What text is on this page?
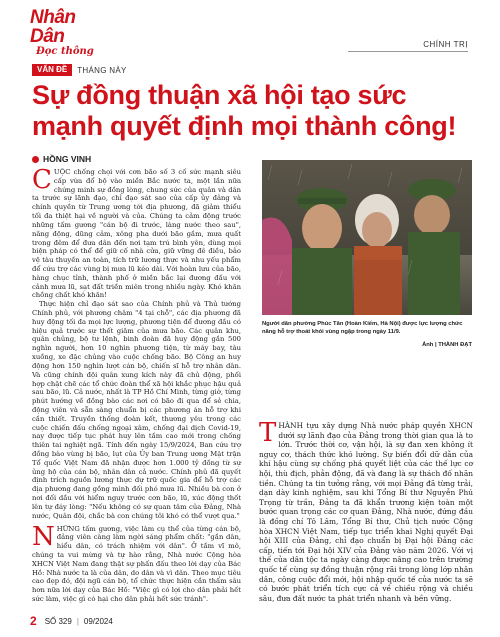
Nhân Dân
Đọc thông
CHÍNH TRỊ
VẤN ĐỀ	THÁNG NÀY
Sự đồng thuận xã hội tạo sức mạnh quyết định mọi thành công!
HỒNG VINH

CUỘC chống chọi với cơn bão số 3 cố sức mạnh siêu cấp vừa đổ bộ vào miền Bắc nước ta, một lần nữa chứng minh sự đồng lòng, chung sức của quân và dân ta trước sự lãnh đạo, chỉ đạo sát sao của cấp ủy đảng và chính quyền từ Trung ương tới địa phương, đã giảm thiểu tối đa thiệt hại về người và của. Chúng ta cảm động trước những tấm gương "cán bộ đi trước, làng nước theo sau", năng động, dũng cảm, xông pha dưới bão gầm, mưa quất trong đêm để đưa dân đến nơi tạm trú bình yên, dùng mọi biện pháp có thể để giữ cố nhà cửa, giữ vững đê điều, bảo vệ tàu thuyền an toàn, tích trữ lương thực và nhu yếu phẩm để cứu trợ các vùng bị mưa lũ kéo dài. Với hoàn lưu của bão, hàng chục tỉnh, thành phố ở miền bắc lại đương đầu với cảnh mưa lũ, sạt đất triền miên trong nhiều ngày. Khó khăn chồng chất khó khăn!

Thực hiện chỉ đạo sát sao của Chính phủ và Thủ tướng Chính phủ, với phương châm "4 tại chỗ", các địa phương đã huy động tối đa mọi lực lượng, phương tiện để đương đầu có hiệu quả trước sự thết giăm của mưa bão. Các quân khu, quân chủng, bộ tư lệnh, binh đoàn đã huy động gần 500 nghìn người, hơn 10 nghìn phương tiện, từ máy bay, tàu xuồng, xe đặc chủng vào cuộc chống bão. Bộ Công an huy động hơn 150 nghìn lượt cán bộ, chiến sĩ hỗ trợ nhân dân. Và cũng chính đội quân xung kích này đã chủ động, phối hợp chặt chẽ các tổ chức đoàn thể xã hội khắc phục hậu quả sau bão, lũ. Cả nước, nhất là TP Hồ Chí Minh, từng giờ, từng phút hướng về đồng bào các nơi có bão đi qua để sẻ chia, động viên và sẵn sàng chuẩn bị các phương án hỗ trợ khi cần thiết. Truyền thống đoàn kết, thương yêu trong các cuộc chiến đấu chống ngoại xâm, chống đại dịch Covid-19, nay được tiếp tục phát huy lên tầm cao mới trong chống thiên tai nghiệt ngã. Tính đến ngày 15/9/2024, Ban cứu trợ đồng bào vùng bị bão, lụt của Ủy ban Trung ương Mặt trận Tổ quốc Việt Nam đã nhận được hơn 1.000 tỷ đồng từ sự ủng hộ của cán bộ, nhân dân cả nước. Chính phủ đã quyết định trích nguồn lương thực dự trữ quốc gia để hỗ trợ các địa phương đang gồng mình đối phó mưa lũ. Nhiều bà con ở nơi đối dầu với hiểm nguy trước cơn bão, lũ, xúc động thốt lên tự đáy lòng: "Nếu không có sự quan tâm của Đảng, Nhà nước, Quân đội, chắc bà con chúng tôi khó có thể vượt qua."

NHỮNG tấm gương, việc làm cụ thể của từng cán bộ, đảng viên càng làm ngời sáng phẩm chất: "gần dân, hiểu dân, có trách nhiệm với dân". Ở tầm vĩ mô, chúng ta vui mừng và tự hào rằng, Nhà nước Cộng hòa XHCN Việt Nam đang thật sự phấn đấu theo lời dạy của Bác Hồ: Nhà nước ta là của dân, do dân và vì dân. Theo mục tiêu cao đẹp đó, đội ngũ cán bộ, tổ chức thực hiện cần thấm sâu hơn nữa lời dạy của Bác Hồ: "Việc gì có lợi cho dân phải hết sức làm, việc gì có hại cho dân phải hết sức tránh".

Người dân phường Phúc Tân (Hoàn Kiếm, Hà Nội) được lực lượng chức năng hỗ trợ thoát khỏi vùng ngập trong ngày 11/9.
Ảnh | THÀNH ĐẠT

THÀNH tựu xây dựng Nhà nước pháp quyền XHCN dưới sự lãnh đạo của Đảng trong thời gian qua là to lớn. Trước thời cơ, vận hội, là sự đan xen không ít nguy cơ, thách thức khó lường. Sự biến đổi dữ dằn của khí hậu cùng sự chống phá quyết liệt của các thế lực cơ hội, thù địch, phản động, đã và đang là sự thách đố nhãn tiền. Chúng ta tin tưởng rằng, với mọi Đảng đã từng trải, dạn dày kinh nghiệm, sau khi Tổng Bí thư Nguyễn Phú Trọng từ trần, Đảng ta đã khẩn trương kiện toàn một bước quan trọng các cơ quan Đảng, Nhà nước, đứng đầu là đồng chí Tô Lâm, Tổng Bí thư, Chủ tịch nước Cộng hòa XHCN Việt Nam, tiếp tục triển khai Nghị quyết Đại hội XIII của Đảng, chỉ đạo chuẩn bị Đại hội Đảng các cấp, tiến tới Đại hội XIV của Đảng vào năm 2026. Với vị thế của dân tộc ta ngày càng được nâng cao trên trường quốc tế cùng sự đồng thuận rộng rãi trong lòng lớp nhân dân, công cuộc đổi mới, hội nhập quốc tế của nước ta sẽ có bước phát triển tích cực cả về chiều rộng và chiều sâu, đưa đất nước ta phát triển nhanh và bền vững.

2 SỐ 329 | 09/2024
